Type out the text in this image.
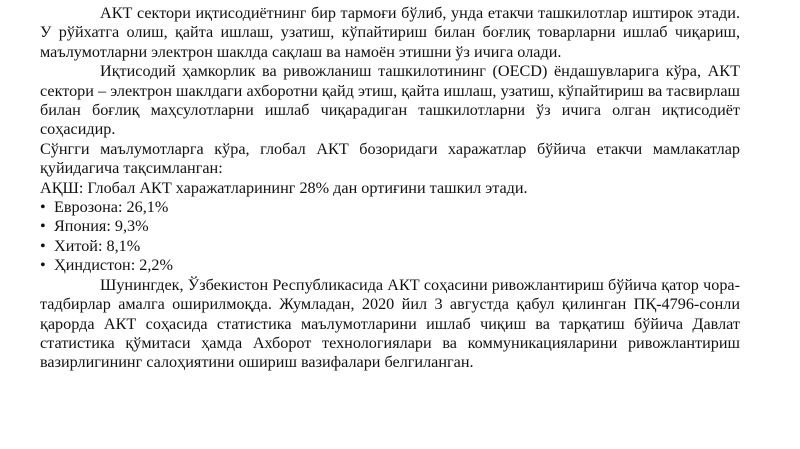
АКТ сектори иқтисодиётнинг бир тармоғи бўлиб, унда етакчи ташкилотлар иштирок этади. У рўйхатга олиш, қайта ишлаш, узатиш, кўпайтириш билан боғлиқ товарларни ишлаб чиқариш, маълумотларни электрон шаклда сақлаш ва намоён этишни ўз ичига олади.

Иқтисодий ҳамкорлик ва ривожланиш ташкилотининг (OECD) ёндашувларига кўра, АКТ сектори – электрон шаклдаги ахборотни қайд этиш, қайта ишлаш, узатиш, кўпайтириш ва тасвирлаш билан боғлиқ маҳсулотларни ишлаб чиқарадиган ташкилотларни ўз ичига олган иқтисодиёт соҳасидир.

Сўнгги маълумотларга кўра, глобал АКТ бозоридаги харажатлар бўйича етакчи мамлакатлар қуйидагича тақсимланган:

АҚШ: Глобал АКТ харажатларининг 28% дан ортиғини ташкил этади.

• Еврозона: 26,1%
• Япония: 9,3%
• Хитой: 8,1%
• Ҳиндистон: 2,2%

Шунингдек, Ўзбекистон Республикасида АКТ соҳасини ривожлантириш бўйича қатор чора-тадбирлар амалга оширилмоқда. Жумладан, 2020 йил 3 августда қабул қилинган ПҚ-4796-сонли қарорда АКТ соҳасида статистика маълумотларини ишлаб чиқиш ва тарқатиш бўйича Давлат статистика қўмитаси ҳамда Ахборот технологиялари ва коммуникацияларини ривожлантириш вазирлигининг салоҳиятини ошириш вазифалари белгиланган.
